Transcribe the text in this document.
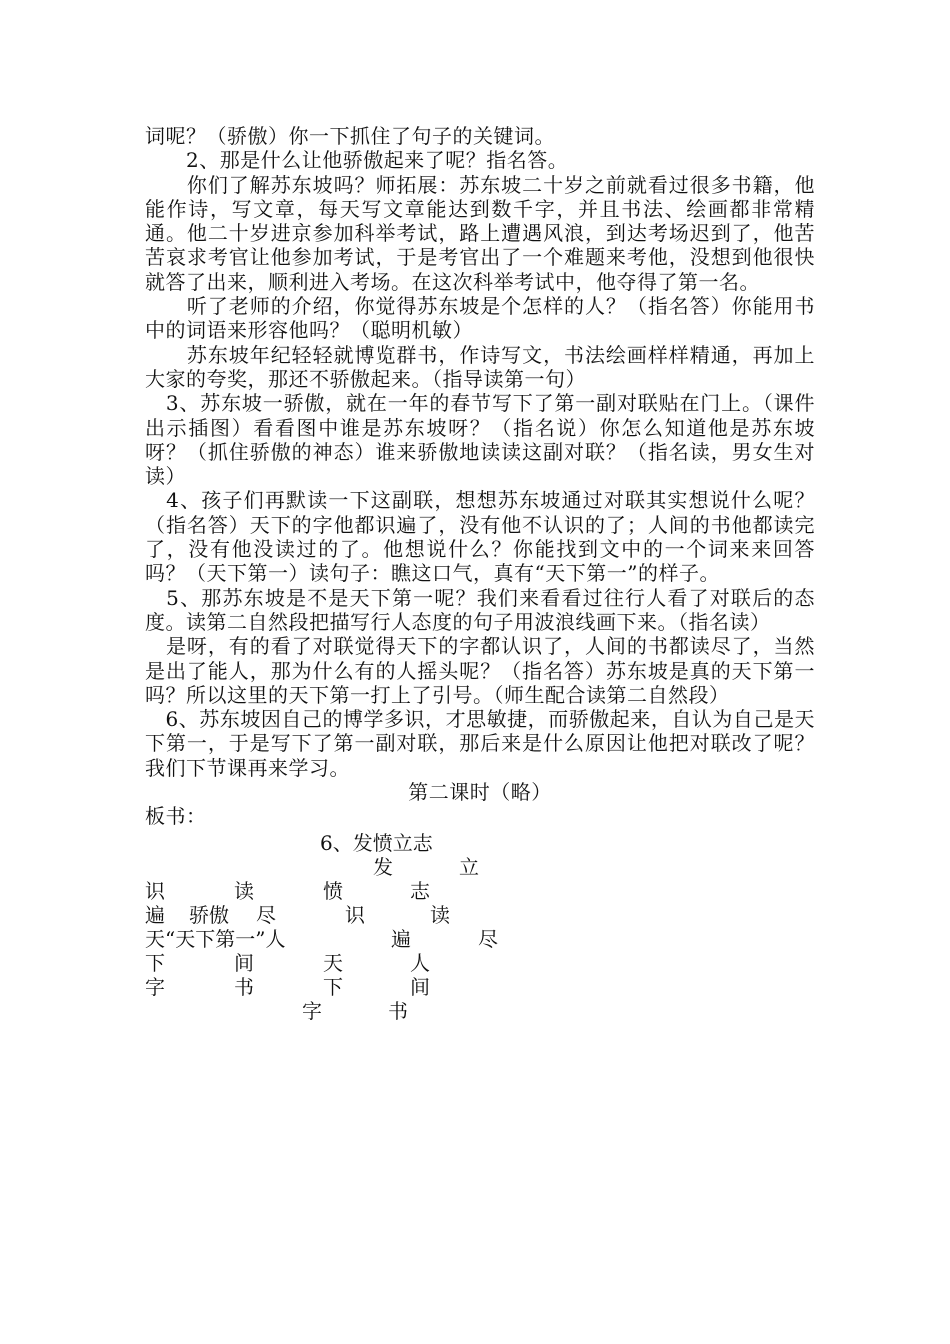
词呢？（骄傲）你一下抓住了句子的关键词。

　　2、那是什么让他骄傲起来了呢？指名答。

　　你们了解苏东坡吗？师拓展：苏东坡二十岁之前就看过很多书籍，他能作诗，写文章，每天写文章能达到数千字，并且书法、绘画都非常精通。他二十岁进京参加科举考试，路上遭遇风浪，到达考场迟到了，他苦苦哀求考官让他参加考试，于是考官出了一个难题来考他，没想到他很快就答了出来，顺利进入考场。在这次科举考试中，他夺得了第一名。

　　听了老师的介绍，你觉得苏东坡是个怎样的人？（指名答）你能用书中的词语来形容他吗？（聪明机敏）

　　苏东坡年纪轻轻就博览群书，作诗写文，书法绘画样样精通，再加上大家的夸奖，那还不骄傲起来。（指导读第一句）

　3、苏东坡一骄傲，就在一年的春节写下了第一副对联贴在门上。（课件出示插图）看看图中谁是苏东坡呀？（指名说）你怎么知道他是苏东坡呀？（抓住骄傲的神态）谁来骄傲地读读这副对联？（指名读，男女生对读）

　4、孩子们再默读一下这副联，想想苏东坡通过对联其实想说什么呢？（指名答）天下的字他都识遍了，没有他不认识的了；人间的书他都读完了，没有他没读过的了。他想说什么？你能找到文中的一个词来来回答吗？（天下第一）读句子：瞧这口气，真有“天下第一”的样子。

　5、那苏东坡是不是天下第一呢？我们来看看过往行人看了对联后的态度。读第二自然段把描写行人态度的句子用波浪线画下来。（指名读）

　是呀，有的看了对联觉得天下的字都认识了，人间的书都读尽了，当然是出了能人，那为什么有的人摇头呢？（指名答）苏东坡是真的天下第一吗？所以这里的天下第一打上了引号。（师生配合读第二自然段）

　6、苏东坡因自己的博学多识，才思敏捷，而骄傲起来，自认为自己是天下第一，于是写下了第一副对联，那后来是什么原因让他把对联改了呢？我们下节课再来学习。

第二课时（略）

板书：

6、发愤立志
发	立
识	读	愤	志
遍 骄傲 尽	识	读
天 “天下第一”人	遍	尽
下	间	天	人
字	书	下	间
字	书
